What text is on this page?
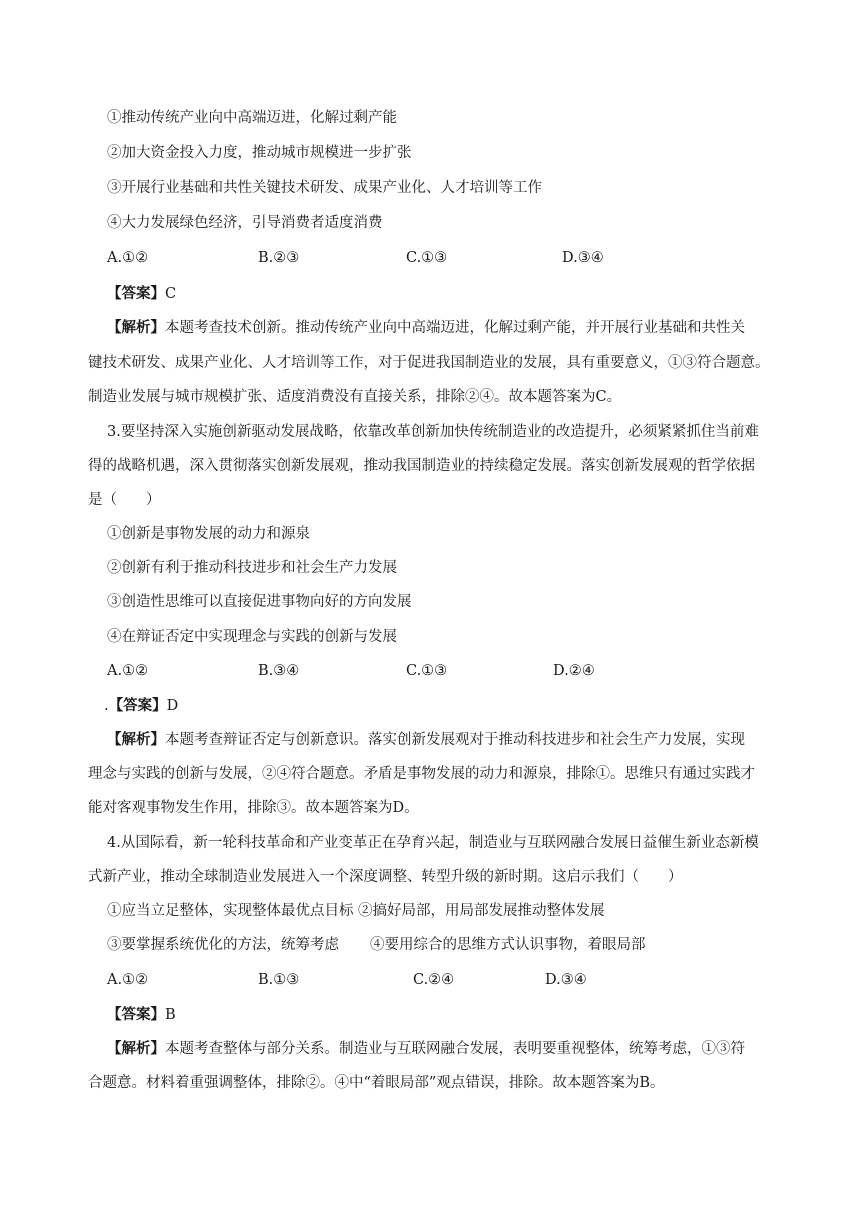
①推动传统产业向中高端迈进，化解过剩产能
②加大资金投入力度，推动城市规模进一步扩张
③开展行业基础和共性关键技术研发、成果产业化、人才培训等工作
④大力发展绿色经济，引导消费者适度消费
A.①②	B.②③	C.①③	D.③④
【答案】C
【解析】本题考查技术创新。推动传统产业向中高端迈进，化解过剩产能，并开展行业基础和共性关
键技术研发、成果产业化、人才培训等工作，对于促进我国制造业的发展，具有重要意义，①③符合题意。
制造业发展与城市规模扩张、适度消费没有直接关系，排除②④。故本题答案为C。
3.要坚持深入实施创新驱动发展战略，依靠改革创新加快传统制造业的改造提升，必须紧紧抓住当前难
得的战略机遇，深入贯彻落实创新发展观，推动我国制造业的持续稳定发展。落实创新发展观的哲学依据
是（　　）
①创新是事物发展的动力和源泉
②创新有利于推动科技进步和社会生产力发展
③创造性思维可以直接促进事物向好的方向发展
④在辩证否定中实现理念与实践的创新与发展
A.①②	B.③④	C.①③	D.②④
.【答案】D
【解析】本题考查辩证否定与创新意识。落实创新发展观对于推动科技进步和社会生产力发展，实现
理念与实践的创新与发展，②④符合题意。矛盾是事物发展的动力和源泉，排除①。思维只有通过实践才
能对客观事物发生作用，排除③。故本题答案为D。
4.从国际看，新一轮科技革命和产业变革正在孕育兴起，制造业与互联网融合发展日益催生新业态新模
式新产业，推动全球制造业发展进入一个深度调整、转型升级的新时期。这启示我们（　　）
①应当立足整体，实现整体最优点目标 ②搞好局部，用局部发展推动整体发展
③要掌握系统优化的方法，统筹考虑 ④要用综合的思维方式认识事物，着眼局部
A.①②	B.①③	C.②④	D.③④
【答案】B
【解析】本题考查整体与部分关系。制造业与互联网融合发展，表明要重视整体，统筹考虑，①③符
合题意。材料着重强调整体，排除②。④中“着眼局部”观点错误，排除。故本题答案为B。
